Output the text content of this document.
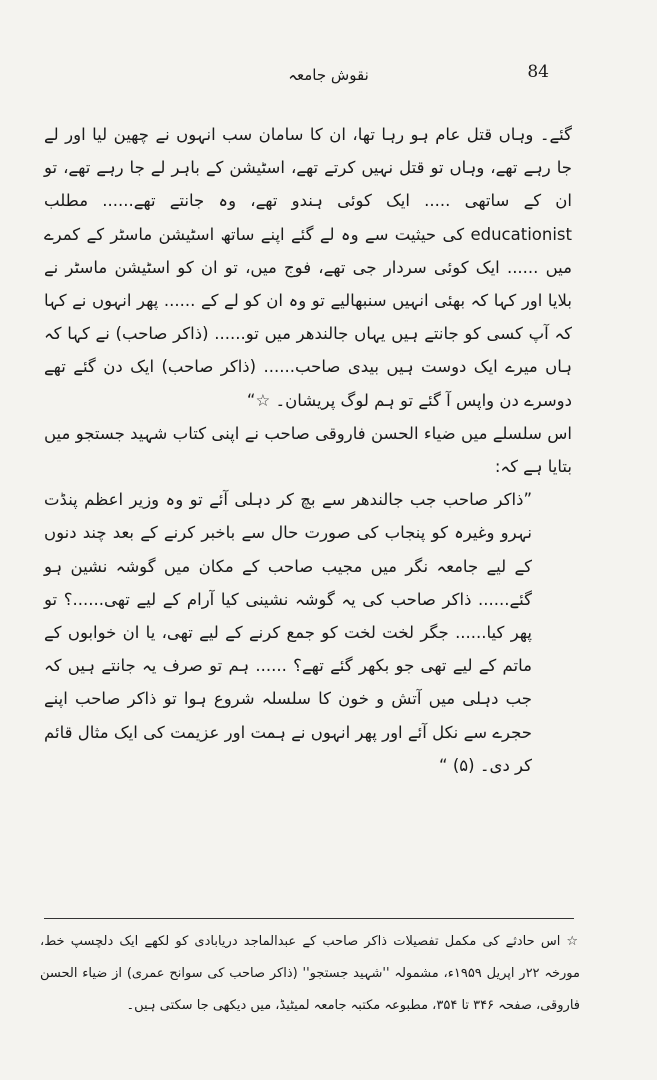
84
نقوش جامعہ

گئے۔ وہاں قتل عام ہو رہا تھا، ان کا سامان سب انہوں نے چھین لیا اور لے جا رہے تھے، وہاں تو قتل نہیں کرتے تھے، اسٹیشن کے باہر لے جا رہے تھے، تو ان کے ساتھی ..... ایک کوئی ہندو تھے، وہ جانتے تھے...... مطلب educationist کی حیثیت سے وہ لے گئے اپنے ساتھ اسٹیشن ماسٹر کے کمرے میں ...... ایک کوئی سردار جی تھے، فوج میں، تو ان کو اسٹیشن ماسٹر نے بلایا اور کہا کہ بھئی انہیں سنبھالیے تو وہ ان کو لے کے ...... پھر انہوں نے کہا کہ آپ کسی کو جانتے ہیں یہاں جالندھر میں تو...... (ذاکر صاحب) نے کہا کہ ہاں میرے ایک دوست ہیں بیدی صاحب...... (ذاکر صاحب) ایک دن گئے تھے دوسرے دن واپس آ گئے تو ہم لوگ پریشان۔ ☆“

اس سلسلے میں ضیاء الحسن فاروقی صاحب نے اپنی کتاب شہید جستجو میں بتایا ہے کہ:

”ذاکر صاحب جب جالندھر سے بچ کر دہلی آئے تو وہ وزیر اعظم پنڈت نہرو وغیرہ کو پنجاب کی صورت حال سے باخبر کرنے کے بعد چند دنوں کے لیے جامعہ نگر میں مجیب صاحب کے مکان میں گوشہ نشین ہو گئے...... ذاکر صاحب کی یہ گوشہ نشینی کیا آرام کے لیے تھی......؟ تو پھر کیا...... جگر لخت لخت کو جمع کرنے کے لیے تھی، یا ان خوابوں کے ماتم کے لیے تھی جو بکھر گئے تھے؟ ...... ہم تو صرف یہ جانتے ہیں کہ جب دہلی میں آتش و خون کا سلسلہ شروع ہوا تو ذاکر صاحب اپنے حجرے سے نکل آئے اور پھر انہوں نے ہمت اور عزیمت کی ایک مثال قائم کر دی۔ (۵) “

☆اس حادثے کی مکمل تفصیلات ذاکر صاحب کے عبدالماجد دریابادی کو لکھے ایک دلچسپ خط، مورخہ ۲۲ر اپریل ۱۹۵۹ء، مشمولہ ''شہید جستجو'' (ذاکر صاحب کی سوانح عمری) از ضیاء الحسن فاروقی، صفحہ ۳۴۶ تا ۳۵۴، مطبوعہ مکتبہ جامعہ لمیٹیڈ، میں دیکھی جا سکتی ہیں۔
